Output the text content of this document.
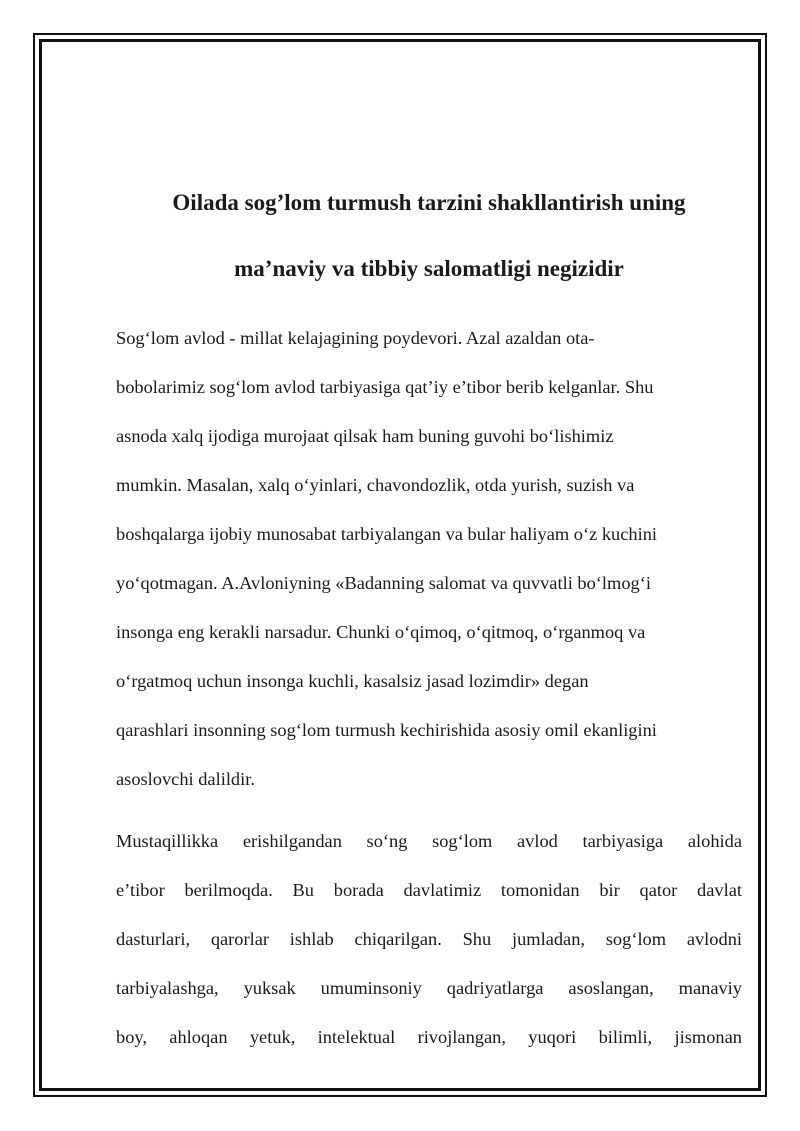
Oilada sog’lom turmush tarzini shakllantirish uning
ma’naviy va tibbiy salomatligi negizidir

Sog‘lom avlod - millat kelajagining poydevori. Azal azaldan ota-
bobolarimiz sog‘lom avlod tarbiyasiga qat’iy e’tibor berib kelganlar. Shu
asnoda xalq ijodiga murojaat qilsak ham buning guvohi bo‘lishimiz
mumkin. Masalan, xalq o‘yinlari, chavondozlik, otda yurish, suzish va
boshqalarga ijobiy munosabat tarbiyalangan va bular haliyam o‘z kuchini
yo‘qotmagan. A.Avloniyning «Badanning salomat va quvvatli bo‘lmog‘i
insonga eng kerakli narsadur. Chunki o‘qimoq, o‘qitmoq, o‘rganmoq va
o‘rgatmoq uchun insonga kuchli, kasalsiz jasad lozimdir» degan
qarashlari insonning sog‘lom turmush kechirishida asosiy omil ekanligini
asoslovchi dalildir.

Mustaqillikka erishilgandan so‘ng sog‘lom avlod tarbiyasiga alohida
e’tibor berilmoqda. Bu borada davlatimiz tomonidan bir qator davlat
dasturlari, qarorlar ishlab chiqarilgan. Shu jumladan, sog‘lom avlodni
tarbiyalashga, yuksak umuminsoniy qadriyatlarga asoslangan, manaviy
boy, ahloqan yetuk, intelektual rivojlangan, yuqori bilimli, jismonan
